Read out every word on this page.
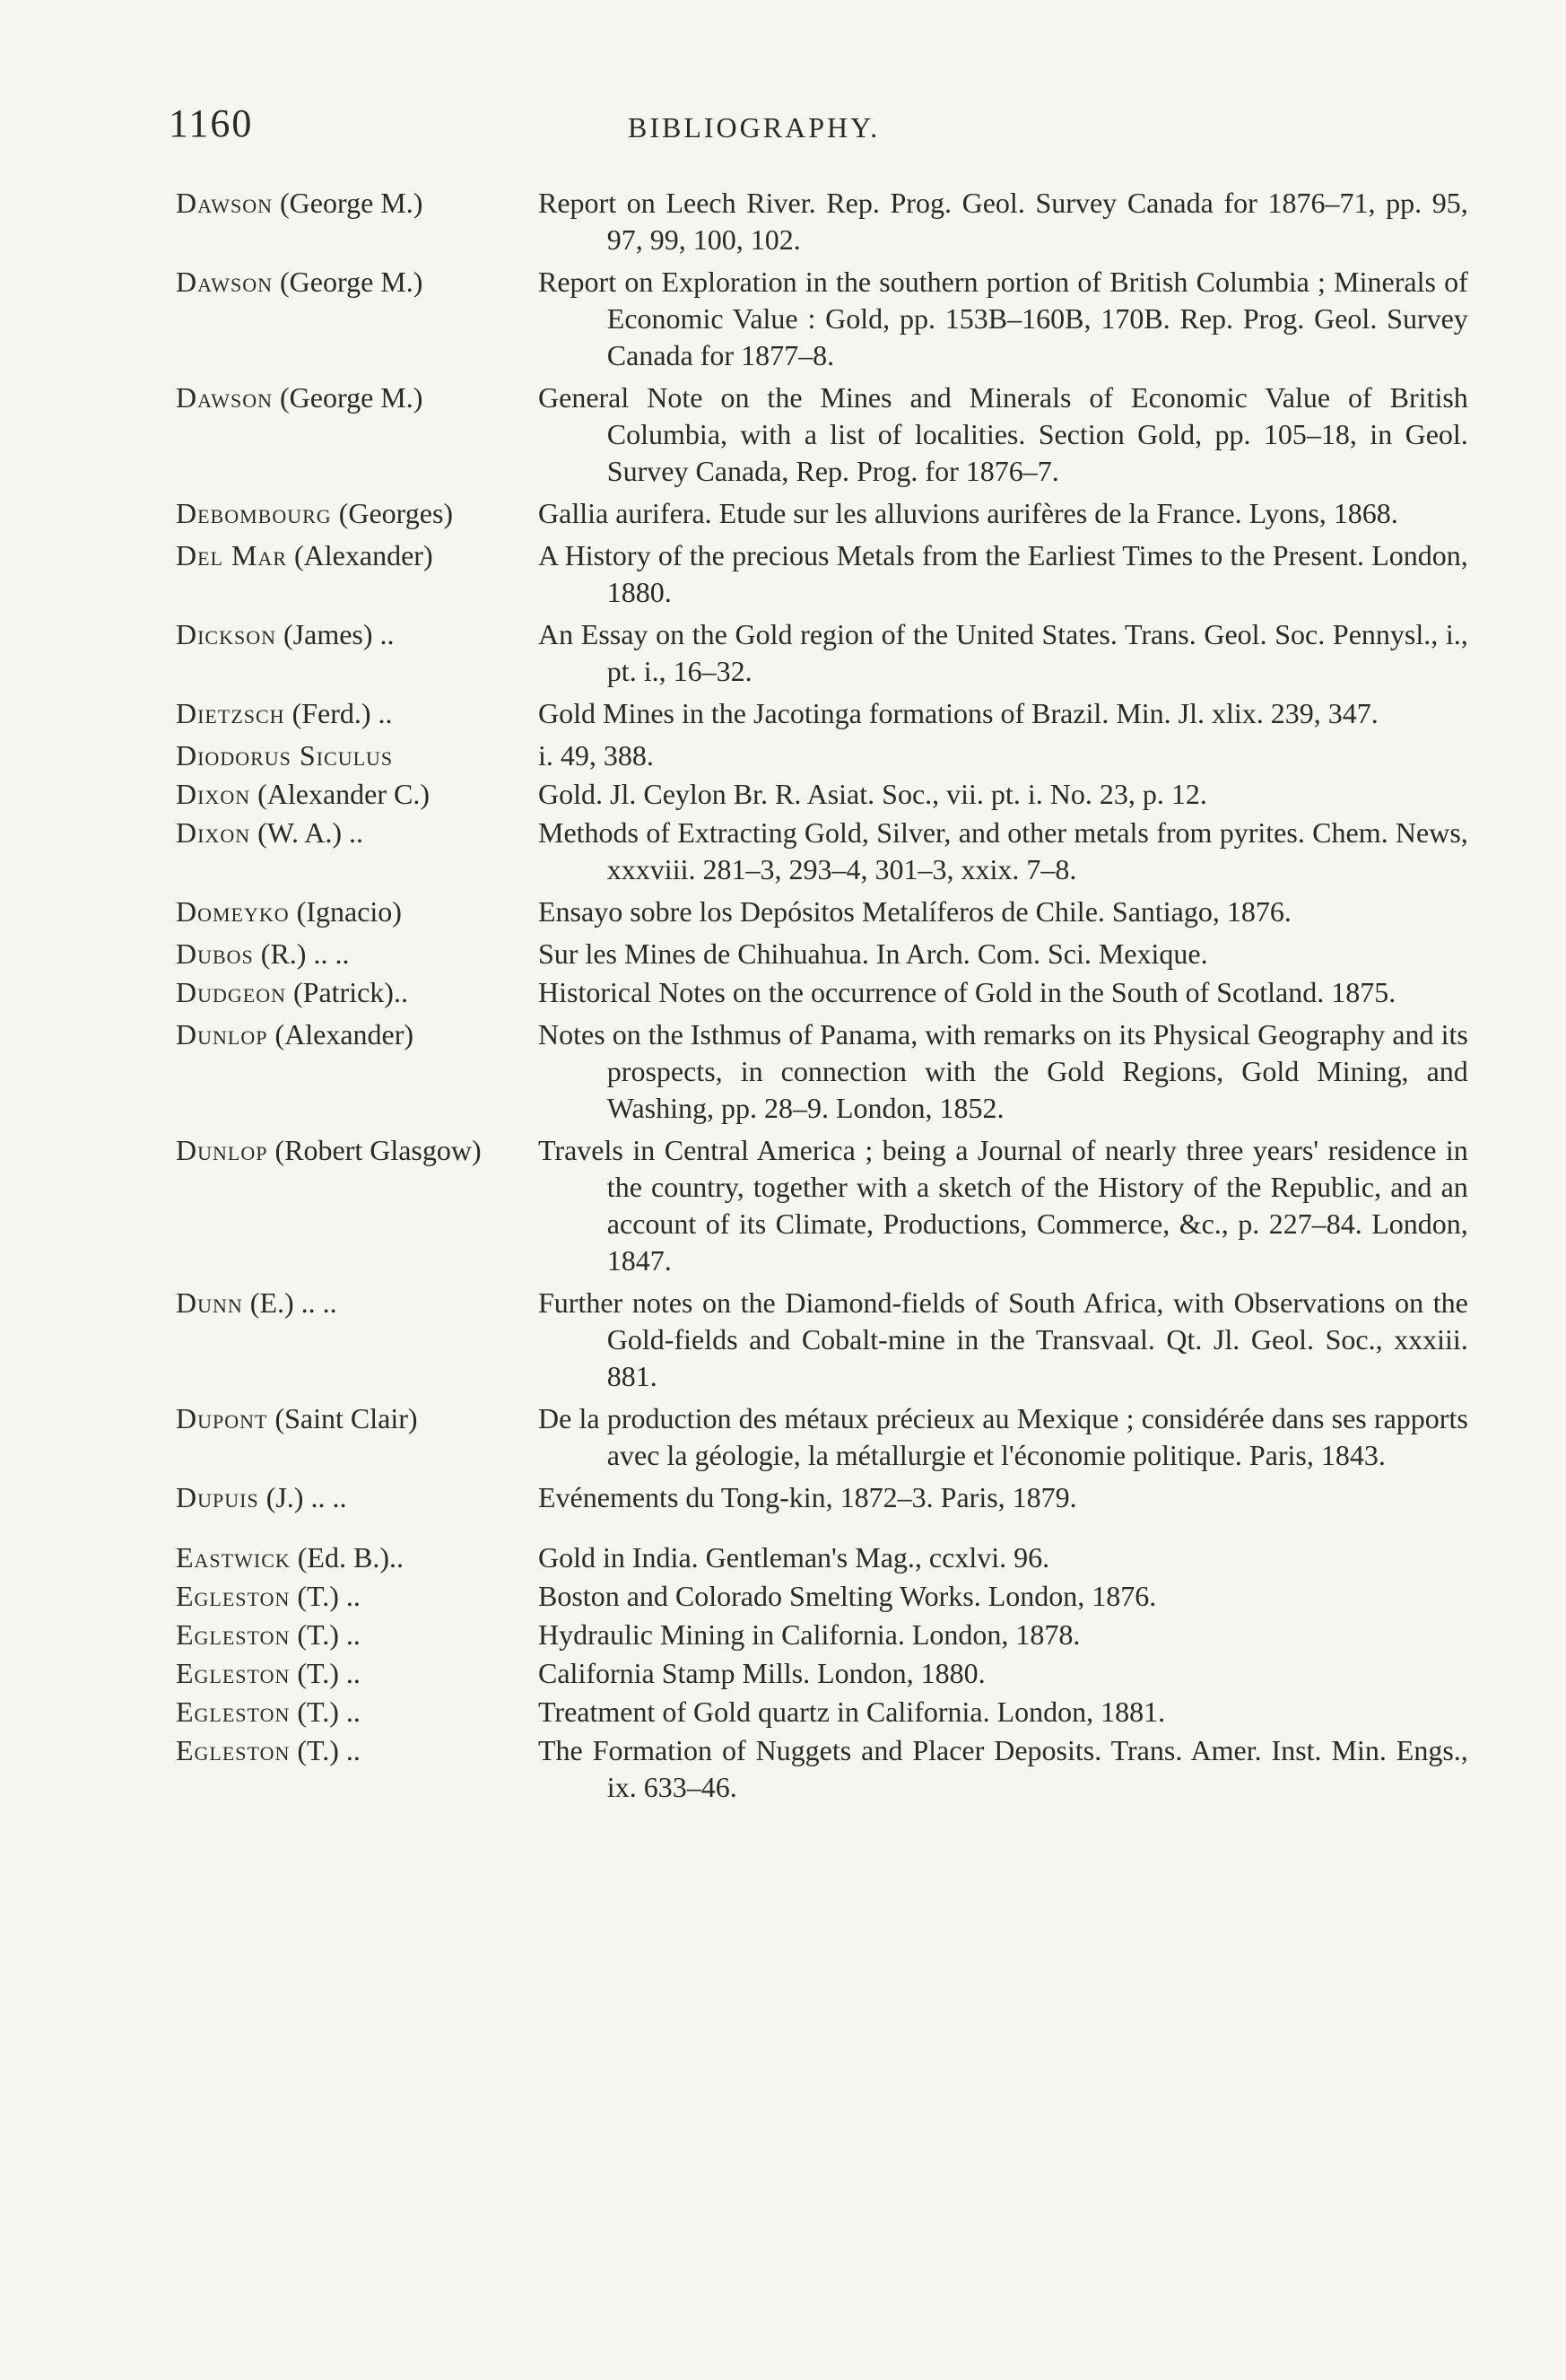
1160	BIBLIOGRAPHY.
Dawson (George M.)	Report on Leech River. Rep. Prog. Geol. Survey Canada for 1876–71, pp. 95, 97, 99, 100, 102.
Dawson (George M.)	Report on Exploration in the southern portion of British Columbia ; Minerals of Economic Value : Gold, pp. 153B–160B, 170B. Rep. Prog. Geol. Survey Canada for 1877–8.
Dawson (George M.)	General Note on the Mines and Minerals of Economic Value of British Columbia, with a list of localities. Section Gold, pp. 105–18, in Geol. Survey Canada, Rep. Prog. for 1876–7.
Debombourg (Georges)	Gallia aurifera. Etude sur les alluvions aurifères de la France. Lyons, 1868.
Del Mar (Alexander)	A History of the precious Metals from the Earliest Times to the Present. London, 1880.
Dickson (James) ..	An Essay on the Gold region of the United States. Trans. Geol. Soc. Pennysl., i., pt. i., 16–32.
Dietzsch (Ferd.) ..	Gold Mines in the Jacotinga formations of Brazil. Min. Jl. xlix. 239, 347.
Diodorus Siculus	i. 49, 388.
Dixon (Alexander C.)	Gold. Jl. Ceylon Br. R. Asiat. Soc., vii. pt. i. No. 23, p. 12.
Dixon (W. A.) ..	Methods of Extracting Gold, Silver, and other metals from pyrites. Chem. News, xxxviii. 281–3, 293–4, 301–3, xxix. 7–8.
Domeyko (Ignacio)	Ensayo sobre los Depósitos Metalíferos de Chile. Santiago, 1876.
Dubos (R.) .. ..	Sur les Mines de Chihuahua. In Arch. Com. Sci. Mexique.
Dudgeon (Patrick)..	Historical Notes on the occurrence of Gold in the South of Scotland. 1875.
Dunlop (Alexander)	Notes on the Isthmus of Panama, with remarks on its Physical Geography and its prospects, in connection with the Gold Regions, Gold Mining, and Washing, pp. 28–9. London, 1852.
Dunlop (Robert Glasgow)	Travels in Central America ; being a Journal of nearly three years' residence in the country, together with a sketch of the History of the Republic, and an account of its Climate, Productions, Commerce, &c., p. 227–84. London, 1847.
Dunn (E.) .. ..	Further notes on the Diamond-fields of South Africa, with Observations on the Gold-fields and Cobalt-mine in the Transvaal. Qt. Jl. Geol. Soc., xxxiii. 881.
Dupont (Saint Clair)	De la production des métaux précieux au Mexique ; considérée dans ses rapports avec la géologie, la métallurgie et l'économie politique. Paris, 1843.
Dupuis (J.) .. ..	Evénements du Tong-kin, 1872–3. Paris, 1879.
Eastwick (Ed. B.)..	Gold in India. Gentleman's Mag., ccxlvi. 96.
Egleston (T.) ..	Boston and Colorado Smelting Works. London, 1876.
Egleston (T.) ..	Hydraulic Mining in California. London, 1878.
Egleston (T.) ..	California Stamp Mills. London, 1880.
Egleston (T.) ..	Treatment of Gold quartz in California. London, 1881.
Egleston (T.) ..	The Formation of Nuggets and Placer Deposits. Trans. Amer. Inst. Min. Engs., ix. 633–46.
